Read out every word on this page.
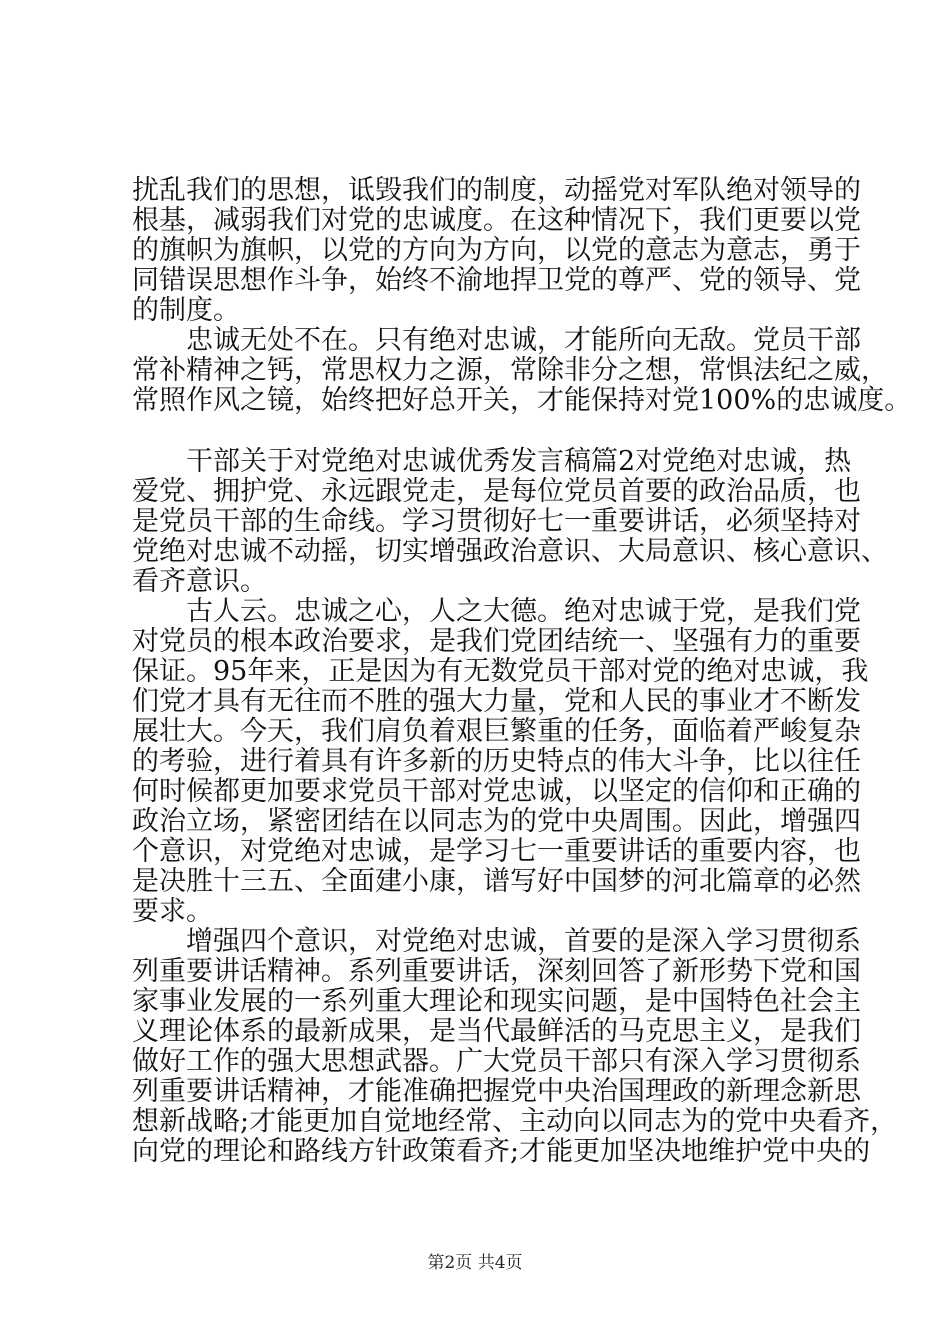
扰乱我们的思想，诋毁我们的制度，动摇党对军队绝对领导的
根基，减弱我们对党的忠诚度。在这种情况下，我们更要以党
的旗帜为旗帜，以党的方向为方向，以党的意志为意志，勇于
同错误思想作斗争，始终不渝地捍卫党的尊严、党的领导、党
的制度。
　　忠诚无处不在。只有绝对忠诚，才能所向无敌。党员干部
常补精神之钙，常思权力之源，常除非分之想，常惧法纪之威，
常照作风之镜，始终把好总开关，才能保持对党100%的忠诚度。
　　干部关于对党绝对忠诚优秀发言稿篇2对党绝对忠诚，热
爱党、拥护党、永远跟党走，是每位党员首要的政治品质，也
是党员干部的生命线。学习贯彻好七一重要讲话，必须坚持对
党绝对忠诚不动摇，切实增强政治意识、大局意识、核心意识、
看齐意识。
　　古人云。忠诚之心，人之大德。绝对忠诚于党，是我们党
对党员的根本政治要求，是我们党团结统一、坚强有力的重要
保证。95年来，正是因为有无数党员干部对党的绝对忠诚，我
们党才具有无往而不胜的强大力量，党和人民的事业才不断发
展壮大。今天，我们肩负着艰巨繁重的任务，面临着严峻复杂
的考验，进行着具有许多新的历史特点的伟大斗争，比以往任
何时候都更加要求党员干部对党忠诚，以坚定的信仰和正确的
政治立场，紧密团结在以同志为的党中央周围。因此，增强四
个意识，对党绝对忠诚，是学习七一重要讲话的重要内容，也
是决胜十三五、全面建小康，谱写好中国梦的河北篇章的必然
要求。
　　增强四个意识，对党绝对忠诚，首要的是深入学习贯彻系
列重要讲话精神。系列重要讲话，深刻回答了新形势下党和国
家事业发展的一系列重大理论和现实问题，是中国特色社会主
义理论体系的最新成果，是当代最鲜活的马克思主义，是我们
做好工作的强大思想武器。广大党员干部只有深入学习贯彻系
列重要讲话精神，才能准确把握党中央治国理政的新理念新思
想新战略;才能更加自觉地经常、主动向以同志为的党中央看齐，
向党的理论和路线方针政策看齐;才能更加坚决地维护党中央的
第2页 共4页
